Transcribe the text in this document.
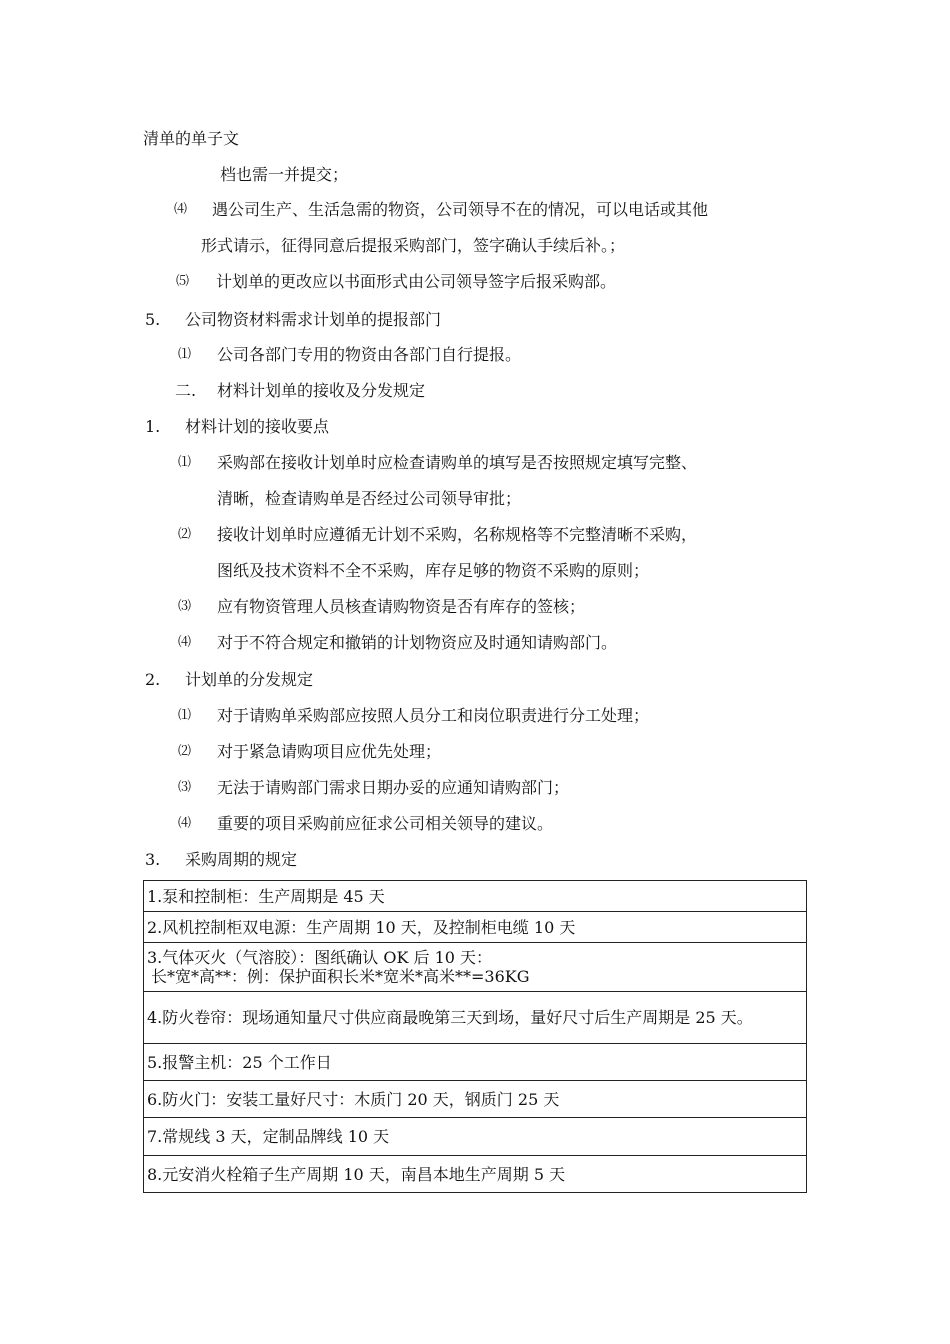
清单的单子文
档也需一并提交；
⑷ 遇公司生产、生活急需的物资，公司领导不在的情况，可以电话或其他
形式请示，征得同意后提报采购部门，签字确认手续后补。；
⑸ 计划单的更改应以书面形式由公司领导签字后报采购部。
5. 公司物资材料需求计划单的提报部门
⑴ 公司各部门专用的物资由各部门自行提报。
二. 材料计划单的接收及分发规定
1. 材料计划的接收要点
⑴ 采购部在接收计划单时应检查请购单的填写是否按照规定填写完整、
清晰，检查请购单是否经过公司领导审批；
⑵ 接收计划单时应遵循无计划不采购，名称规格等不完整清晰不采购，
图纸及技术资料不全不采购，库存足够的物资不采购的原则；
⑶ 应有物资管理人员核查请购物资是否有库存的签核；
⑷ 对于不符合规定和撤销的计划物资应及时通知请购部门。
2. 计划单的分发规定
⑴ 对于请购单采购部应按照人员分工和岗位职责进行分工处理；
⑵ 对于紧急请购项目应优先处理；
⑶ 无法于请购部门需求日期办妥的应通知请购部门；
⑷ 重要的项目采购前应征求公司相关领导的建议。
3. 采购周期的规定
1.泵和控制柜：生产周期是 45 天
2.风机控制柜双电源：生产周期 10 天，及控制柜电缆 10 天

3.气体灭火（气溶胶）：图纸确认 OK 后 10 天：
长*宽*高**：例：保护面积长米*宽米*高米**=36KG

4.防火卷帘：现场通知量尺寸供应商最晚第三天到场，量好尺寸后生产周期是 25 天。
5.报警主机：25 个工作日
6.防火门：安装工量好尺寸：木质门 20 天，钢质门 25 天
7.常规线 3 天，定制品牌线 10 天
8.元安消火栓箱子生产周期 10 天，南昌本地生产周期 5 天
